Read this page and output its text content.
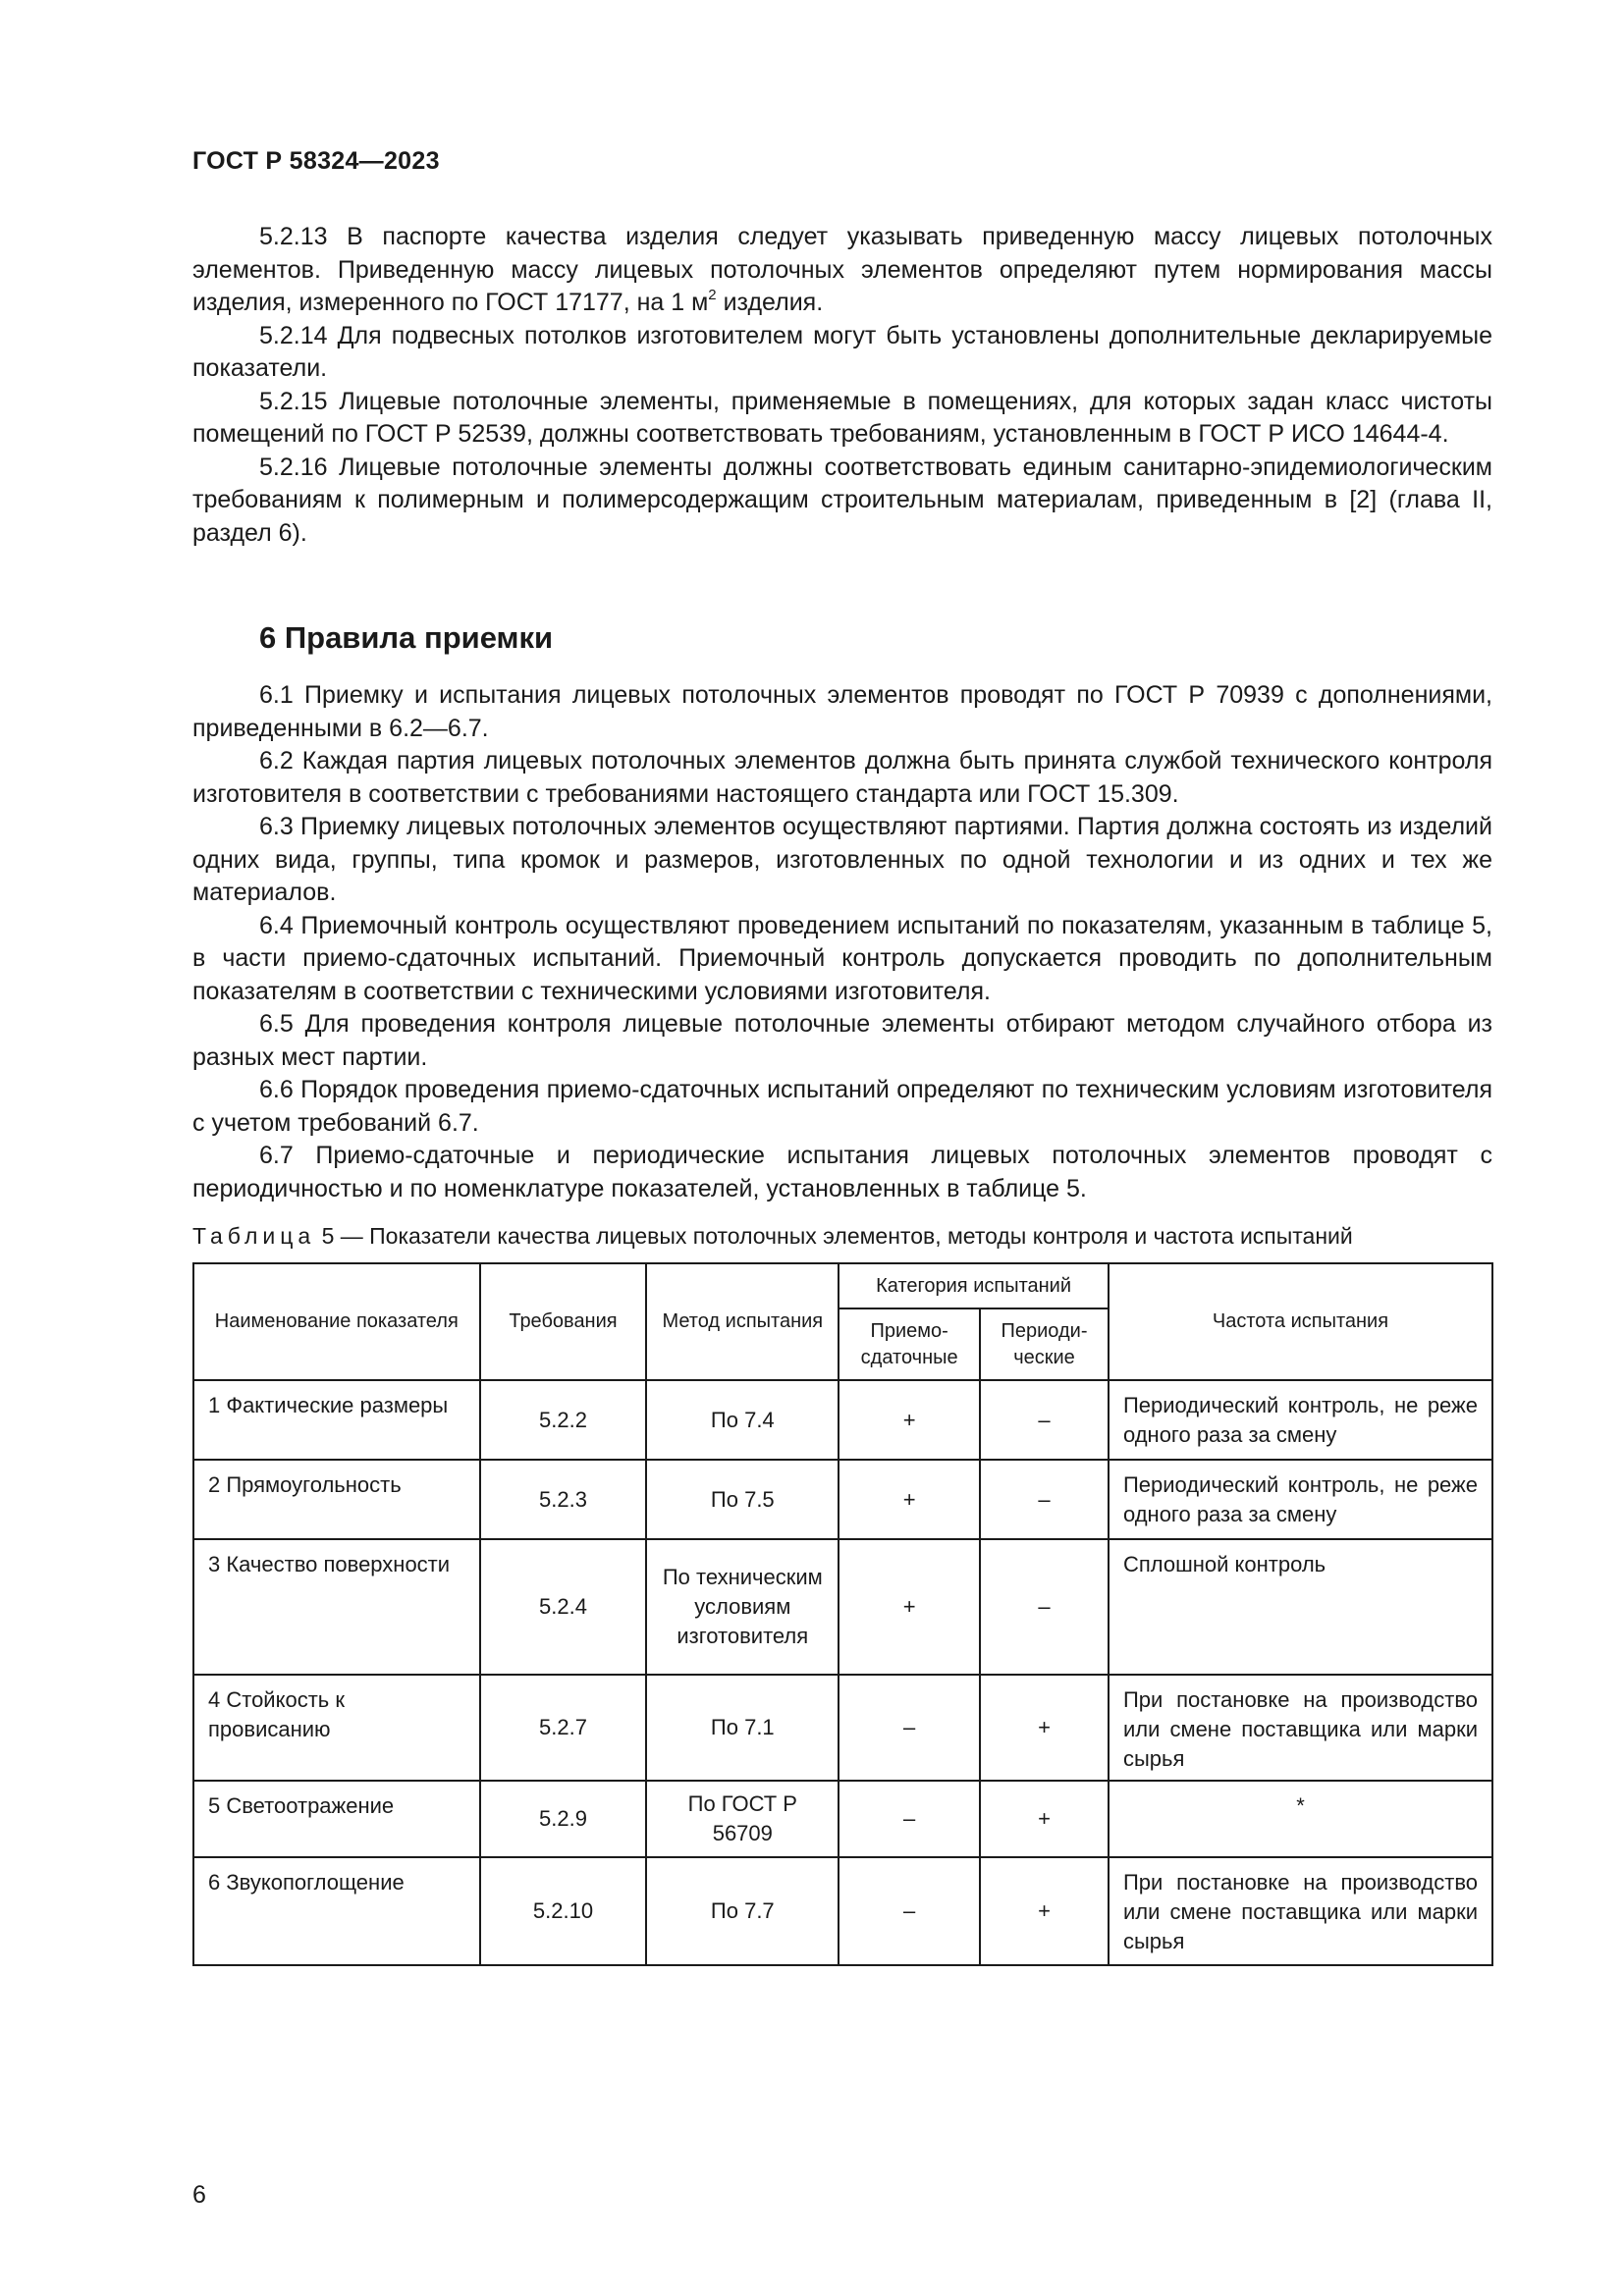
ГОСТ Р 58324—2023

5.2.13 В паспорте качества изделия следует указывать приведенную массу лицевых потолочных элементов. Приведенную массу лицевых потолочных элементов определяют путем нормирования массы изделия, измеренного по ГОСТ 17177, на 1 $м^2$ изделия.

5.2.14 Для подвесных потолков изготовителем могут быть установлены дополнительные декларируемые показатели.

5.2.15 Лицевые потолочные элементы, применяемые в помещениях, для которых задан класс чистоты помещений по ГОСТ Р 52539, должны соответствовать требованиям, установленным в ГОСТ Р ИСО 14644-4.

5.2.16 Лицевые потолочные элементы должны соответствовать единым санитарно-эпидемиологическим требованиям к полимерным и полимерсодержащим строительным материалам, приведенным в [2] (глава II, раздел 6).

6 Правила приемки

6.1 Приемку и испытания лицевых потолочных элементов проводят по ГОСТ Р 70939 с дополнениями, приведенными в 6.2—6.7.

6.2 Каждая партия лицевых потолочных элементов должна быть принята службой технического контроля изготовителя в соответствии с требованиями настоящего стандарта или ГОСТ 15.309.

6.3 Приемку лицевых потолочных элементов осуществляют партиями. Партия должна состоять из изделий одних вида, группы, типа кромок и размеров, изготовленных по одной технологии и из одних и тех же материалов.

6.4 Приемочный контроль осуществляют проведением испытаний по показателям, указанным в таблице 5, в части приемо-сдаточных испытаний. Приемочный контроль допускается проводить по дополнительным показателям в соответствии с техническими условиями изготовителя.

6.5 Для проведения контроля лицевые потолочные элементы отбирают методом случайного отбора из разных мест партии.

6.6 Порядок проведения приемо-сдаточных испытаний определяют по техническим условиям изготовителя с учетом требований 6.7.

6.7 Приемо-сдаточные и периодические испытания лицевых потолочных элементов проводят с периодичностью и по номенклатуре показателей, установленных в таблице 5.

Таблица 5 — Показатели качества лицевых потолочных элементов, методы контроля и частота испытаний
Наименование показателя	Требования	Метод испытания	Категория испытаний		Частота испытания
			Приемо-сдаточные	Периоди-ческие	
1 Фактические размеры	5.2.2	По 7.4	+	–	Периодический контроль, не реже одного раза за смену
2 Прямоугольность	5.2.3	По 7.5	+	–	Периодический контроль, не реже одного раза за смену
3 Качество поверхности	5.2.4	По техническим условиям изготовителя	+	–	Сплошной контроль
4 Стойкость к провисанию	5.2.7	По 7.1	–	+	При постановке на производство или смене поставщика или марки сырья
5 Светоотражение	5.2.9	По ГОСТ Р 56709	–	+	*
6 Звукопоглощение	5.2.10	По 7.7	–	+	При постановке на производство или смене поставщика или марки сырья
6
